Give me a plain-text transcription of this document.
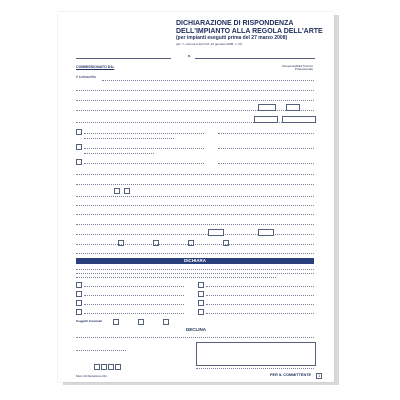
DICHIARAZIONE DI RISPONDENZA
DELL'IMPIANTO ALLA REGOLA DELL'ARTE
(per impianti eseguiti prima del 27 marzo 2008)
(art. 7, comma 6 del D.M. 22 gennaio 2008, n. 37)
n.
COMMISSIONATO DA:	Responsabilità Tecnico Professionale
Il sottoscritto
DICHIARA
Soggetti incaricati
DECLINA
Mod. Dichiarazione Ric.	PER IL COMMITTENTE	1
